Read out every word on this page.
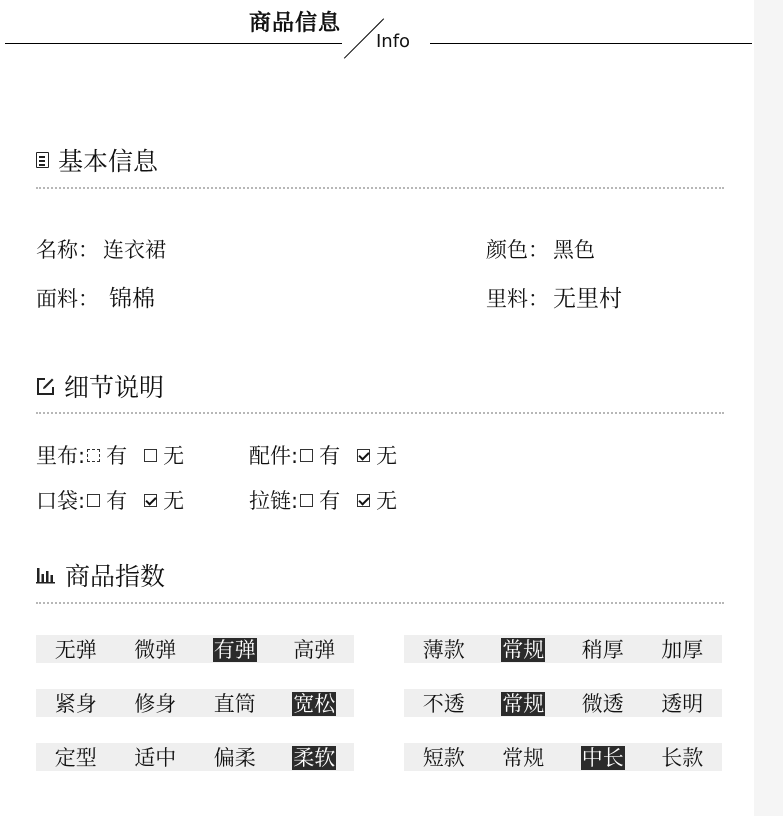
商品信息
Info
基本信息
名称： 连衣裙	颜色： 黑色
面料： 锦棉	里料： 无里村
细节说明
里布: 有 无	配件: 有 无
口袋: 有 无	拉链: 有 无
商品指数
无弹	微弹	有弹	高弹	薄款	常规	稍厚	加厚
紧身	修身	直筒	宽松	不透	常规	微透	透明
定型	适中	偏柔	柔软	短款	常规	中长	长款
